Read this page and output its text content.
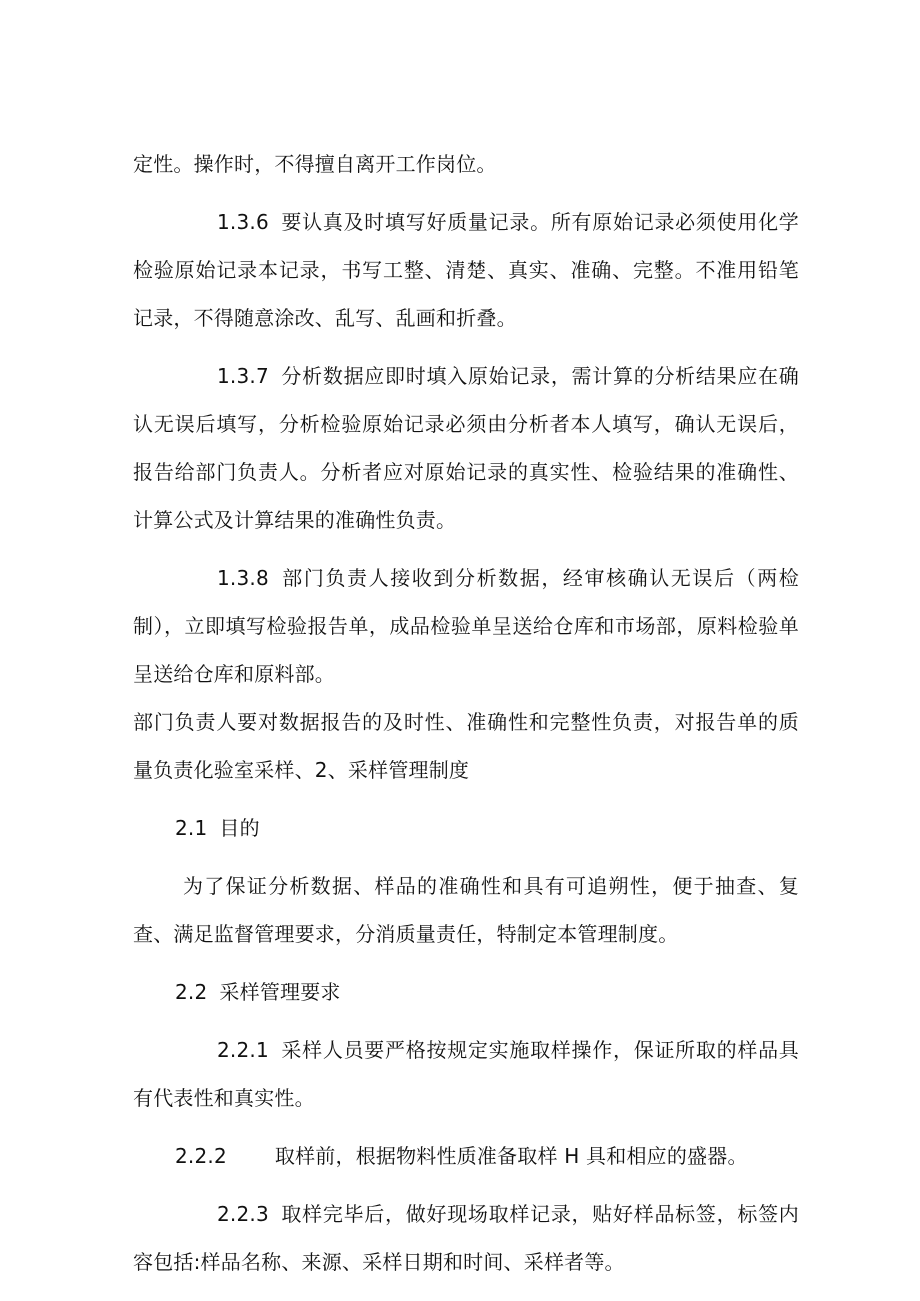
定性。操作时，不得擅自离开工作岗位。

1.3.6 要认真及时填写好质量记录。所有原始记录必须使用化学检验原始记录本记录，书写工整、清楚、真实、准确、完整。不准用铅笔记录，不得随意涂改、乱写、乱画和折叠。

1.3.7 分析数据应即时填入原始记录，需计算的分析结果应在确认无误后填写，分析检验原始记录必须由分析者本人填写，确认无误后，报告给部门负责人。分析者应对原始记录的真实性、检验结果的准确性、计算公式及计算结果的准确性负责。

1.3.8 部门负责人接收到分析数据，经审核确认无误后（两检制），立即填写检验报告单，成品检验单呈送给仓库和市场部，原料检验单呈送给仓库和原料部。

部门负责人要对数据报告的及时性、准确性和完整性负责，对报告单的质量负责化验室采样、2、采样管理制度

2.1 目的

为了保证分析数据、样品的准确性和具有可追朔性，便于抽查、复查、满足监督管理要求，分消质量责任，特制定本管理制度。

2.2 采样管理要求

2.2.1 采样人员要严格按规定实施取样操作，保证所取的样品具有代表性和真实性。

2.2.2 取样前，根据物料性质准备取样 H 具和相应的盛器。

2.2.3 取样完毕后，做好现场取样记录，贴好样品标签，标签内容包括:样品名称、来源、采样日期和时间、采样者等。
